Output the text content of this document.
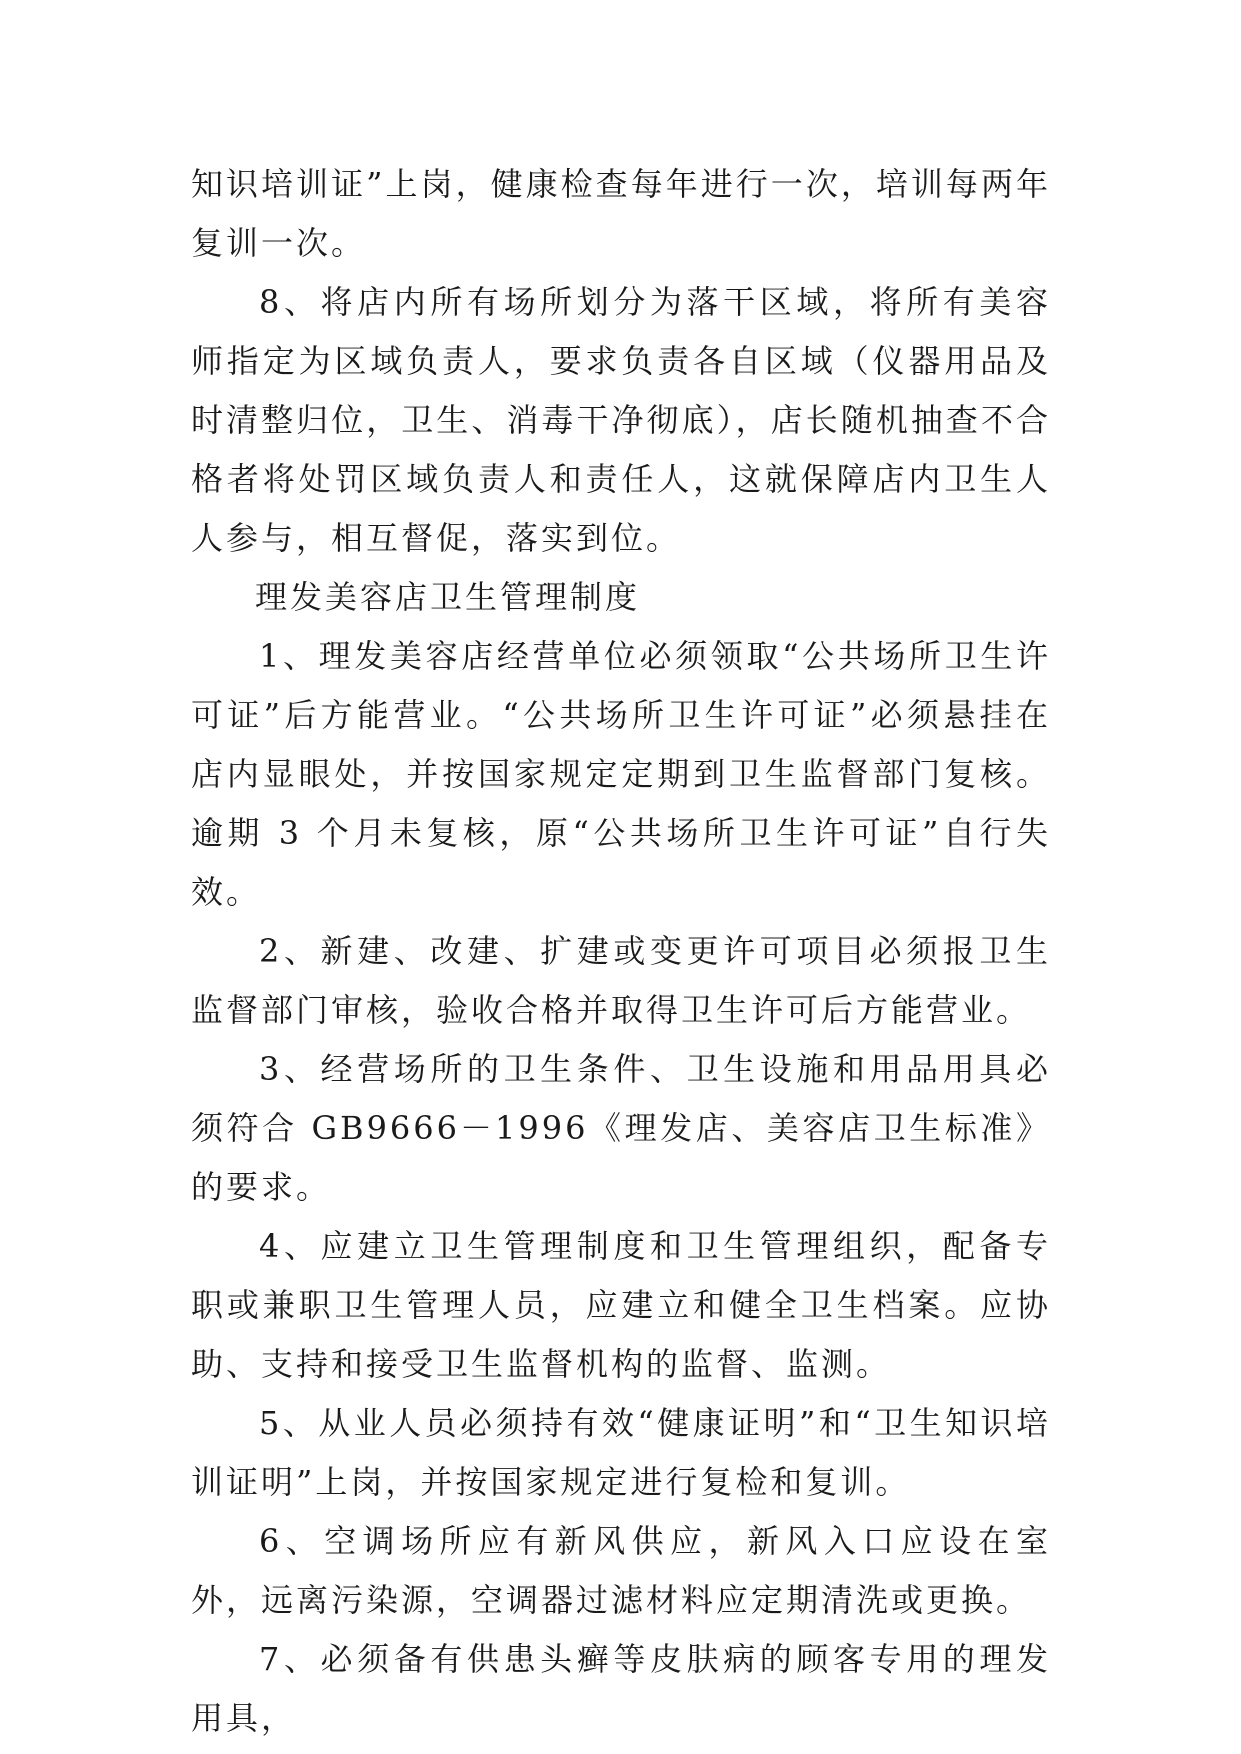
知识培训证”上岗，健康检查每年进行一次，培训每两年复训一次。

8、将店内所有场所划分为落干区域，将所有美容师指定为区域负责人，要求负责各自区域（仪器用品及时清整归位，卫生、消毒干净彻底），店长随机抽查不合格者将处罚区域负责人和责任人，这就保障店内卫生人人参与，相互督促，落实到位。

理发美容店卫生管理制度

1、理发美容店经营单位必须领取“公共场所卫生许可证”后方能营业。“公共场所卫生许可证”必须悬挂在店内显眼处，并按国家规定定期到卫生监督部门复核。逾期 3 个月未复核，原“公共场所卫生许可证”自行失效。

2、新建、改建、扩建或变更许可项目必须报卫生监督部门审核，验收合格并取得卫生许可后方能营业。

3、经营场所的卫生条件、卫生设施和用品用具必须符合 GB9666－1996《理发店、美容店卫生标准》的要求。

4、应建立卫生管理制度和卫生管理组织，配备专职或兼职卫生管理人员，应建立和健全卫生档案。应协助、支持和接受卫生监督机构的监督、监测。

5、从业人员必须持有效“健康证明”和“卫生知识培训证明”上岗，并按国家规定进行复检和复训。

6、空调场所应有新风供应，新风入口应设在室外，远离污染源，空调器过滤材料应定期清洗或更换。

7、必须备有供患头癣等皮肤病的顾客专用的理发用具，
